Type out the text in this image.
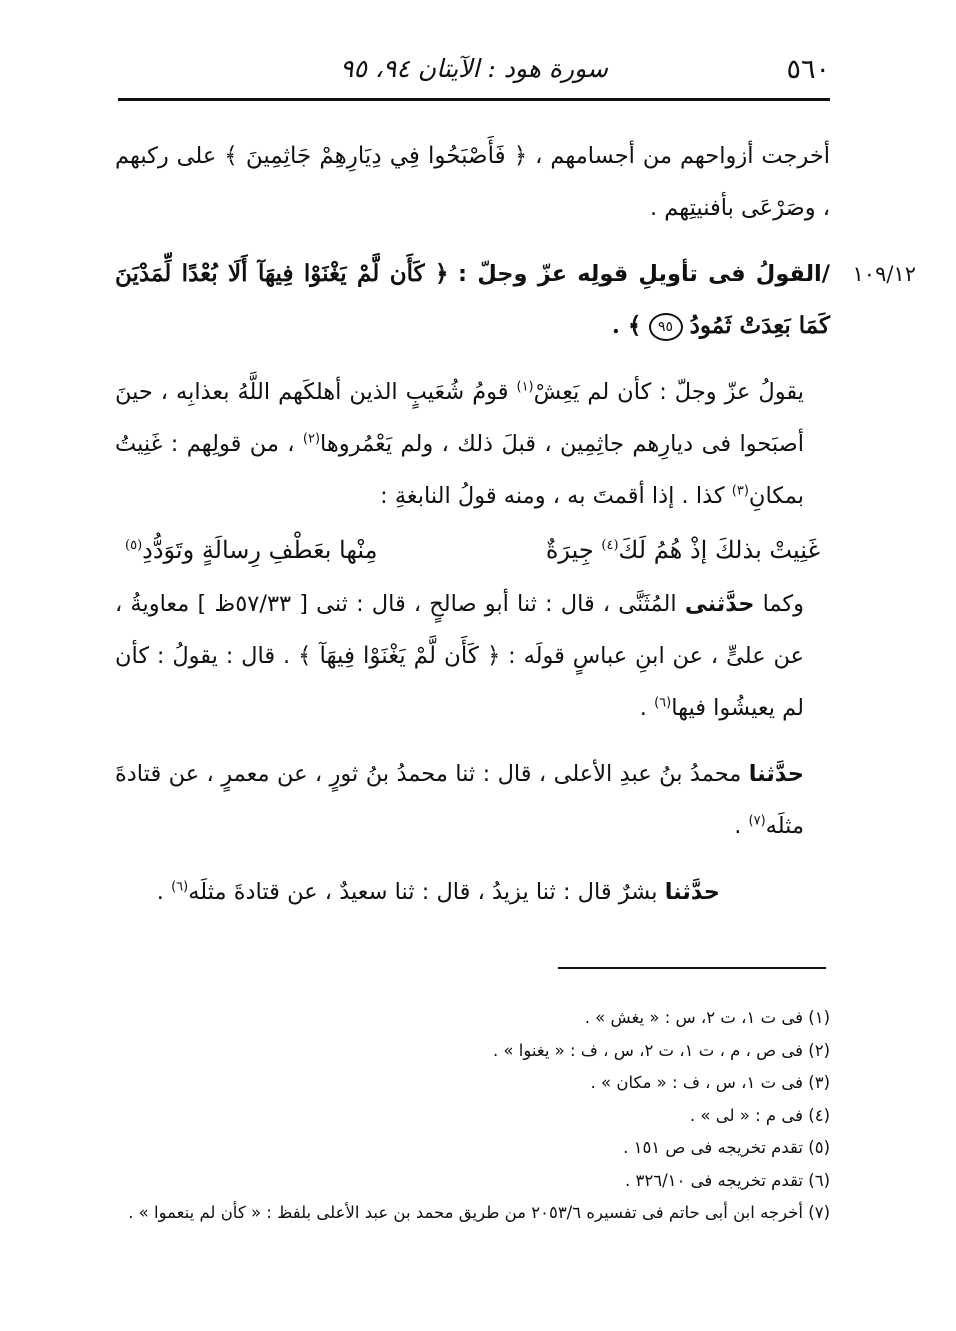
٥٦٠
سورة هود : الآيتان ٩٤، ٩٥
١٠٩/١٢

أخرجت أزواحهم من أجسامهم ، ﴿ فَأَصْبَحُوا فِي دِيَارِهِمْ جَاثِمِينَ ﴾ على ركبهم ، وصَرْعَى بأفنيتِهم .

/القولُ فى تأويلِ قولِه عزّ وجلّ : ﴿ كَأَن لَّمْ يَغْنَوْا فِيهَآ أَلَا بُعْدًا لِّمَدْيَنَ كَمَا بَعِدَتْ ثَمُودُ ٩٥ ﴾ .

يقولُ عزّ وجلّ : كأن لم يَعِشْ$^{(١)}$ قومُ شُعَيبٍ الذين أهلكَهم اللَّهُ بعذابِه ، حينَ أصبَحوا فى ديارِهم جاثِمِين ، قبلَ ذلك ، ولم يَعْمُروها$^{(٢)}$ ، من قولِهم : غَنِيتُ بمكانِ$^{(٣)}$ كذا . إذا أقمتَ به ، ومنه قولُ النابغةِ :

غَنِيتْ بذلكَ إذْ هُمُ لَكَ$^{(٤)}$ جِيرَةٌ
مِنْها بعَطْفِ رِسالَةٍ وتَوَدُّدِ$^{(٥)}$

وكما حدَّثنى المُثَنَّى ، قال : ثنا أبو صالحٍ ، قال : ثنى [ ٥٧/٣٣ظ ] معاويةُ ، عن علىٍّ ، عن ابنِ عباسٍ قولَه : ﴿ كَأَن لَّمْ يَغْنَوْا فِيهَآ ﴾ . قال : يقولُ : كأن لم يعيشُوا فيها$^{(٦)}$ .

حدَّثنا محمدُ بنُ عبدِ الأعلى ، قال : ثنا محمدُ بنُ ثورٍ ، عن معمرٍ ، عن قتادةَ مثلَه$^{(٧)}$ .

حدَّثنا بشرٌ قال : ثنا يزيدُ ، قال : ثنا سعيدٌ ، عن قتادةَ مثلَه$^{(٦)}$ .

(١) فى ت ١، ت ٢، س : « يغش » .

(٢) فى ص ، م ، ت ١، ت ٢، س ، ف : « يغنوا » .

(٣) فى ت ١، س ، ف : « مكان » .

(٤) فى م : « لى » .

(٥) تقدم تخريجه فى ص ١٥١ .

(٦) تقدم تخريجه فى ٣٢٦/١٠ .

(٧) أخرجه ابن أبى حاتم فى تفسيره ٢٠٥٣/٦ من طريق محمد بن عبد الأعلى بلفظ : « كأن لم ينعموا » .
